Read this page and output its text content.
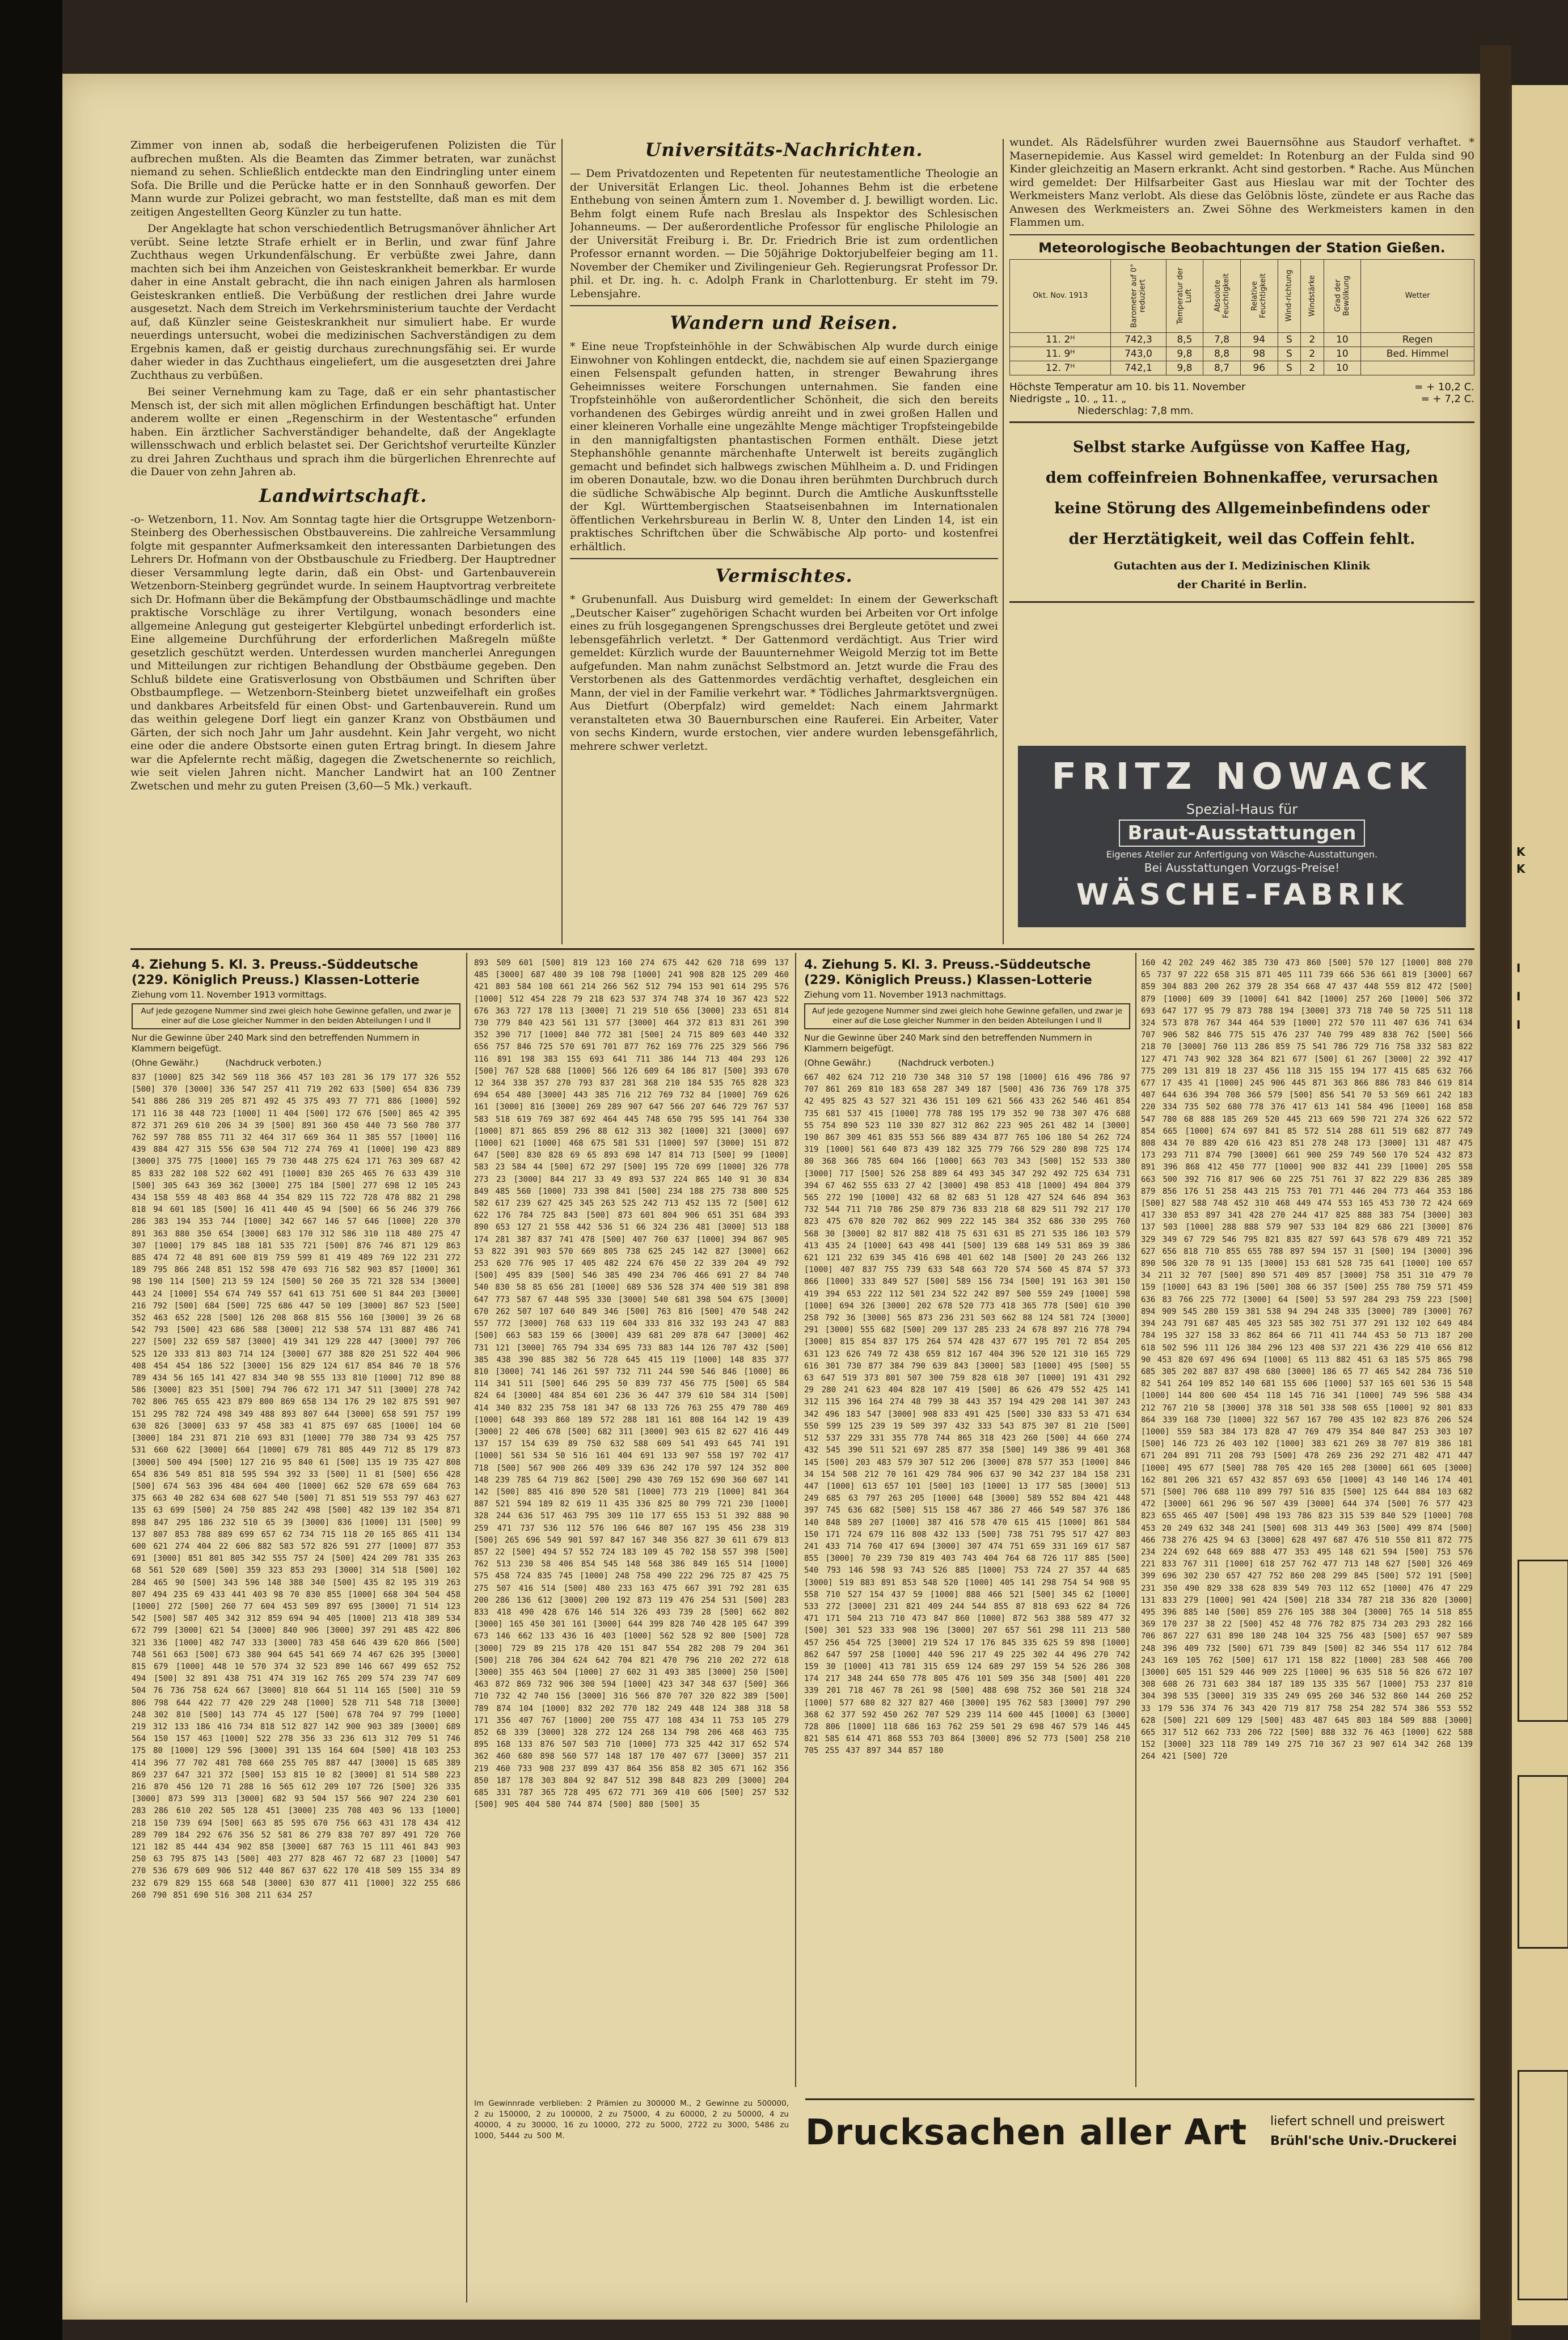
K
K
I
I
I

Zimmer von innen ab, sodaß die herbeigerufenen Polizisten die Tür aufbrechen mußten. Als die Beamten das Zimmer betraten, war zunächst niemand zu sehen. Schließlich entdeckte man den Eindringling unter einem Sofa. Die Brille und die Perücke hatte er in den Sonnhauß geworfen. Der Mann wurde zur Polizei gebracht, wo man feststellte, daß man es mit dem zeitigen Angestellten Georg Künzler zu tun hatte.

Der Angeklagte hat schon verschiedentlich Betrugsmanöver ähnlicher Art verübt. Seine letzte Strafe erhielt er in Berlin, und zwar fünf Jahre Zuchthaus wegen Urkundenfälschung. Er verbüßte zwei Jahre, dann machten sich bei ihm Anzeichen von Geisteskrankheit bemerkbar. Er wurde daher in eine Anstalt gebracht, die ihn nach einigen Jahren als harmlosen Geisteskranken entließ. Die Verbüßung der restlichen drei Jahre wurde ausgesetzt. Nach dem Streich im Verkehrsministerium tauchte der Verdacht auf, daß Künzler seine Geisteskrankheit nur simuliert habe. Er wurde neuerdings untersucht, wobei die medizinischen Sachverständigen zu dem Ergebnis kamen, daß er geistig durchaus zurechnungsfähig sei. Er wurde daher wieder in das Zuchthaus eingeliefert, um die ausgesetzten drei Jahre Zuchthaus zu verbüßen.

Bei seiner Vernehmung kam zu Tage, daß er ein sehr phantastischer Mensch ist, der sich mit allen möglichen Erfindungen beschäftigt hat. Unter anderem wollte er einen „Regenschirm in der Westentasche“ erfunden haben. Ein ärztlicher Sachverständiger behandelte, daß der Angeklagte willensschwach und erblich belastet sei. Der Gerichtshof verurteilte Künzler zu drei Jahren Zuchthaus und sprach ihm die bürgerlichen Ehrenrechte auf die Dauer von zehn Jahren ab.

Landwirtschaft.

-o- Wetzenborn, 11. Nov. Am Sonntag tagte hier die Ortsgruppe Wetzenborn-Steinberg des Oberhessischen Obstbauvereins. Die zahlreiche Versammlung folgte mit gespannter Aufmerksamkeit den interessanten Darbietungen des Lehrers Dr. Hofmann von der Obstbauschule zu Friedberg. Der Hauptredner dieser Versammlung legte darin, daß ein Obst- und Gartenbauverein Wetzenborn-Steinberg gegründet wurde. In seinem Hauptvortrag verbreitete sich Dr. Hofmann über die Bekämpfung der Obstbaumschädlinge und machte praktische Vorschläge zu ihrer Vertilgung, wonach besonders eine allgemeine Anlegung gut gesteigerter Klebgürtel unbedingt erforderlich ist. Eine allgemeine Durchführung der erforderlichen Maßregeln müßte gesetzlich geschützt werden. Unterdessen wurden mancherlei Anregungen und Mitteilungen zur richtigen Behandlung der Obstbäume gegeben. Den Schluß bildete eine Gratisverlosung von Obstbäumen und Schriften über Obstbaumpflege. — Wetzenborn-Steinberg bietet unzweifelhaft ein großes und dankbares Arbeitsfeld für einen Obst- und Gartenbauverein. Rund um das weithin gelegene Dorf liegt ein ganzer Kranz von Obstbäumen und Gärten, der sich noch Jahr um Jahr ausdehnt. Kein Jahr vergeht, wo nicht eine oder die andere Obstsorte einen guten Ertrag bringt. In diesem Jahre war die Apfelernte recht mäßig, dagegen die Zwetschenernte so reichlich, wie seit vielen Jahren nicht. Mancher Landwirt hat an 100 Zentner Zwetschen und mehr zu guten Preisen (3,60—5 Mk.) verkauft.

Universitäts-Nachrichten.

— Dem Privatdozenten und Repetenten für neutestamentliche Theologie an der Universität Erlangen Lic. theol. Johannes Behm ist die erbetene Enthebung von seinen Ämtern zum 1. November d. J. bewilligt worden. Lic. Behm folgt einem Rufe nach Breslau als Inspektor des Schlesischen Johanneums. — Der außerordentliche Professor für englische Philologie an der Universität Freiburg i. Br. Dr. Friedrich Brie ist zum ordentlichen Professor ernannt worden. — Die 50jährige Doktorjubelfeier beging am 11. November der Chemiker und Zivilingenieur Geh. Regierungsrat Professor Dr. phil. et Dr. ing. h. c. Adolph Frank in Charlottenburg. Er steht im 79. Lebensjahre.

Wandern und Reisen.

* Eine neue Tropfsteinhöhle in der Schwäbischen Alp wurde durch einige Einwohner von Kohlingen entdeckt, die, nachdem sie auf einen Spaziergange einen Felsenspalt gefunden hatten, in strenger Bewahrung ihres Geheimnisses weitere Forschungen unternahmen. Sie fanden eine Tropfsteinhöhle von außerordentlicher Schönheit, die sich den bereits vorhandenen des Gebirges würdig anreiht und in zwei großen Hallen und einer kleineren Vorhalle eine ungezählte Menge mächtiger Tropfsteingebilde in den mannigfaltigsten phantastischen Formen enthält. Diese jetzt Stephanshöhle genannte märchenhafte Unterwelt ist bereits zugänglich gemacht und befindet sich halbwegs zwischen Mühlheim a. D. und Fridingen im oberen Donautale, bzw. wo die Donau ihren berühmten Durchbruch durch die südliche Schwäbische Alp beginnt. Durch die Amtliche Auskunftsstelle der Kgl. Württembergischen Staatseisenbahnen im Internationalen öffentlichen Verkehrsbureau in Berlin W. 8, Unter den Linden 14, ist ein praktisches Schriftchen über die Schwäbische Alp porto- und kostenfrei erhältlich.

Vermischtes.

* Grubenunfall. Aus Duisburg wird gemeldet: In einem der Gewerkschaft „Deutscher Kaiser“ zugehörigen Schacht wurden bei Arbeiten vor Ort infolge eines zu früh losgegangenen Sprengschusses drei Bergleute getötet und zwei lebensgefährlich verletzt. * Der Gattenmord verdächtigt. Aus Trier wird gemeldet: Kürzlich wurde der Bauunternehmer Weigold Merzig tot im Bette aufgefunden. Man nahm zunächst Selbstmord an. Jetzt wurde die Frau des Verstorbenen als des Gattenmordes verdächtig verhaftet, desgleichen ein Mann, der viel in der Familie verkehrt war. * Tödliches Jahrmarktsvergnügen. Aus Dietfurt (Oberpfalz) wird gemeldet: Nach einem Jahrmarkt veranstalteten etwa 30 Bauernburschen eine Rauferei. Ein Arbeiter, Vater von sechs Kindern, wurde erstochen, vier andere wurden lebensgefährlich, mehrere schwer verletzt.

wundet. Als Rädelsführer wurden zwei Bauernsöhne aus Staudorf verhaftet. * Masernepidemie. Aus Kassel wird gemeldet: In Rotenburg an der Fulda sind 90 Kinder gleichzeitig an Masern erkrankt. Acht sind gestorben. * Rache. Aus München wird gemeldet: Der Hilfsarbeiter Gast aus Hieslau war mit der Tochter des Werkmeisters Manz verlobt. Als diese das Gelöbnis löste, zündete er aus Rache das Anwesen des Werkmeisters an. Zwei Söhne des Werkmeisters kamen in den Flammen um.

Meteorologische Beobachtungen der Station Gießen.
Okt. Nov. 1913	Barometer auf 0° reduziert	Temperatur der Luft	Absolute Feuchtigkeit	Relative Feuchtigkeit	Wind-richtung	Windstärke	Grad der Bewölkung	Wetter
11. 2ᴴ	742,3	8,5	7,8	94	S	2	10	Regen
11. 9ᴴ	743,0	9,8	8,8	98	S	2	10	Bed. Himmel
12. 7ᴴ	742,1	9,8	8,7	96	S	2	10	
Höchste Temperatur am 10. bis 11. November	= + 10,2 C.
Niedrigste „ 10. „ 11. „	= + 7,2 C.
Niederschlag: 7,8 mm.
Selbst starke Aufgüsse von Kaffee Hag,
dem coffeinfreien Bohnenkaffee, verursachen
keine Störung des Allgemeinbefindens oder
der Herztätigkeit, weil das Coffein fehlt.
Gutachten aus der I. Medizinischen Klinik
der Charité in Berlin.
FRITZ NOWACK
Spezial-Haus für
Braut-Ausstattungen
Eigenes Atelier zur Anfertigung von Wäsche-Ausstattungen.
Bei Ausstattungen Vorzugs-Preise!
WÄSCHE-FABRIK
4. Ziehung 5. Kl. 3. Preuss.-Süddeutsche
(229. Königlich Preuss.) Klassen-Lotterie
Ziehung vom 11. November 1913 vormittags.
Auf jede gezogene Nummer sind zwei gleich hohe Gewinne gefallen, und zwar je einer auf die Lose gleicher Nummer in den beiden Abteilungen I und II
Nur die Gewinne über 240 Mark sind den betreffenden Nummern in Klammern beigefügt.
(Ohne Gewähr.)          (Nachdruck verboten.)

837 [1000] 825 342 569 118 366 457 103 281 36 179 177 326 552 [500] 370 [3000] 336 547 257 411 719 202 633 [500] 654 836 739 541 886 286 319 205 871 492 45 375 493 77 771 886 [1000] 592 171 116 38 448 723 [1000] 11 404 [500] 172 676 [500] 865 42 395 872 371 269 610 206 34 39 [500] 891 360 450 440 73 560 780 377 762 597 788 855 711 32 464 317 669 364 11 385 557 [1000] 116 439 884 427 315 556 630 504 712 274 769 41 [1000] 190 423 889 [3000] 375 775 [1000] 165 79 730 448 275 624 171 763 309 687 42 85 833 282 108 522 602 491 [1000] 830 265 465 76 633 439 310 [500] 305 643 369 362 [3000] 275 184 [500] 277 698 12 105 243 434 158 559 48 403 868 44 354 829 115 722 728 478 882 21 298 818 94 601 185 [500] 16 411 440 45 94 [500] 66 56 246 379 766 286 383 194 353 744 [1000] 342 667 146 57 646 [1000] 220 370 891 363 880 350 654 [3000] 683 170 312 586 310 118 480 275 47 307 [1000] 179 845 188 181 535 721 [500] 876 746 871 129 863 885 474 72 48 891 600 819 759 599 81 419 489 769 122 231 272 189 795 866 248 851 152 598 470 693 716 582 903 857 [1000] 361 98 190 114 [500] 213 59 124 [500] 50 260 35 721 328 534 [3000] 443 24 [1000] 554 674 749 557 641 613 751 600 51 844 203 [3000] 216 792 [500] 684 [500] 725 686 447 50 109 [3000] 867 523 [500] 352 463 652 228 [500] 126 208 868 815 556 160 [3000] 39 26 68 542 793 [500] 423 686 588 [3000] 212 538 574 131 887 486 741 227 [500] 232 659 587 [3000] 419 341 129 228 447 [3000] 797 706 525 120 333 813 803 714 124 [3000] 677 388 820 251 522 404 906 408 454 454 186 522 [3000] 156 829 124 617 854 846 70 18 576 789 434 56 165 141 427 834 340 98 555 133 810 [1000] 712 890 88 586 [3000] 823 351 [500] 794 706 672 171 347 511 [3000] 278 742 702 806 765 655 423 879 800 869 658 134 176 29 102 875 591 907 151 295 782 724 498 349 488 893 807 644 [3000] 658 591 757 199 630 826 [3000] 633 97 458 383 41 875 697 685 [1000] 104 60 [3000] 184 231 871 210 693 831 [1000] 770 380 734 93 425 757 531 660 622 [3000] 664 [1000] 679 781 805 449 712 85 179 873 [3000] 500 494 [500] 127 216 95 840 61 [500] 135 19 735 427 808 654 836 549 851 818 595 594 392 33 [500] 11 81 [500] 656 428 [500] 674 563 396 484 604 400 [1000] 662 520 678 659 684 763 375 663 40 282 634 608 627 540 [500] 71 851 519 553 797 463 627 135 63 699 [500] 24 750 885 242 498 [500] 482 139 102 354 871 898 847 295 186 232 510 65 39 [3000] 836 [1000] 131 [500] 99 137 807 853 788 889 699 657 62 734 715 118 20 165 865 411 134 600 621 274 404 22 606 882 583 572 826 591 277 [1000] 877 353 691 [3000] 851 801 805 342 555 757 24 [500] 424 209 781 335 263 68 561 520 689 [500] 359 323 853 293 [3000] 314 518 [500] 102 284 465 90 [500] 343 596 148 388 340 [500] 435 82 195 319 263 807 494 235 69 433 441 403 98 70 830 855 [1000] 668 304 504 458 [1000] 272 [500] 260 77 604 453 509 897 695 [3000] 71 514 123 542 [500] 587 405 342 312 859 694 94 405 [1000] 213 418 389 534 672 799 [3000] 621 54 [3000] 840 906 [3000] 397 291 485 422 806 321 336 [1000] 482 747 333 [3000] 783 458 646 439 620 866 [500] 748 561 663 [500] 673 380 904 645 541 669 74 467 626 395 [3000] 815 679 [1000] 448 10 570 374 32 523 890 146 667 499 652 752 494 [500] 32 891 438 751 474 319 162 765 209 574 239 747 609 504 76 736 758 624 667 [3000] 810 664 51 114 165 [500] 310 59 806 798 644 422 77 420 229 248 [1000] 528 711 548 718 [3000] 248 302 810 [500] 143 774 45 127 [500] 678 704 97 799 [1000] 219 312 133 186 416 734 818 512 827 142 900 903 389 [3000] 689 564 150 157 463 [1000] 522 278 356 33 236 613 312 709 51 746 175 80 [1000] 129 596 [3000] 391 135 164 604 [500] 418 103 253 414 396 77 702 481 708 660 255 705 887 447 [3000] 15 685 389 869 237 647 321 372 [500] 153 815 10 82 [3000] 81 514 580 223 216 870 456 120 71 288 16 565 612 209 107 726 [500] 326 335 [3000] 873 599 313 [3000] 682 93 504 157 566 907 224 230 601 283 286 610 202 505 128 451 [3000] 235 708 403 96 133 [1000] 218 150 739 694 [500] 663 85 595 670 756 663 431 178 434 412 289 709 184 292 676 356 52 581 86 279 838 707 897 491 720 760 121 182 85 444 434 902 858 [3000] 687 763 15 111 461 843 903 250 63 795 875 143 [500] 403 277 828 467 72 687 23 [1000] 547 270 536 679 609 906 512 440 867 637 622 170 418 509 155 334 89 232 679 829 155 668 548 [3000] 630 877 411 [1000] 322 255 686 260 790 851 690 516 308 211 634 257

893 509 601 [500] 819 123 160 274 675 442 620 718 699 137 485 [3000] 687 480 39 108 798 [1000] 241 908 828 125 209 460 421 803 584 108 661 214 266 562 512 794 153 901 614 295 576 [1000] 512 454 228 79 218 623 537 374 748 374 10 367 423 522 676 363 727 178 113 [3000] 71 219 510 656 [3000] 233 651 814 730 779 840 423 561 131 577 [3000] 464 372 813 831 261 390 352 390 717 [1000] 840 772 381 [500] 24 715 809 603 440 332 656 757 846 725 570 691 701 877 762 169 776 225 329 566 796 116 891 198 383 155 693 641 711 386 144 713 404 293 126 [500] 767 528 688 [1000] 566 126 609 64 186 817 [500] 393 670 12 364 338 357 270 793 837 281 368 210 184 535 765 828 323 694 654 480 [3000] 443 385 716 212 769 732 84 [1000] 769 626 161 [3000] 816 [3000] 269 289 907 647 566 207 646 729 767 537 583 518 619 769 387 692 464 445 748 650 795 595 141 764 330 [1000] 871 865 859 296 88 612 313 302 [1000] 321 [3000] 697 [1000] 621 [1000] 468 675 581 531 [1000] 597 [3000] 151 872 647 [500] 830 828 69 65 893 698 147 814 713 [500] 99 [1000] 583 23 584 44 [500] 672 297 [500] 195 720 699 [1000] 326 778 273 23 [3000] 844 217 33 49 893 537 224 865 140 91 30 834 849 485 560 [1000] 733 398 841 [500] 234 188 275 738 800 525 582 617 239 627 425 345 263 525 242 713 452 135 72 [500] 612 622 176 784 725 843 [500] 873 601 804 906 651 351 684 393 890 653 127 21 558 442 536 51 66 324 236 481 [3000] 513 188 174 281 387 837 741 478 [500] 407 760 637 [1000] 394 867 905 53 822 391 903 570 669 805 738 625 245 142 827 [3000] 662 253 620 776 905 17 405 482 224 676 450 22 339 204 49 792 [500] 495 839 [500] 546 385 490 234 706 466 691 27 84 740 540 830 58 85 656 281 [1000] 689 536 528 374 400 519 381 898 647 773 587 67 448 595 330 [3000] 540 681 398 504 675 [3000] 670 262 507 107 640 849 346 [500] 763 816 [500] 470 548 242 557 772 [3000] 768 633 119 604 333 816 332 193 243 47 883 [500] 663 583 159 66 [3000] 439 681 209 878 647 [3000] 462 731 121 [3000] 765 794 334 695 733 883 144 126 707 432 [500] 385 438 390 885 382 56 728 645 415 119 [1000] 148 835 377 810 [3000] 741 146 261 597 732 711 244 590 546 846 [1000] 86 114 341 511 [500] 646 295 50 839 737 456 775 [500] 65 584 824 64 [3000] 484 854 601 236 36 447 379 610 584 314 [500] 414 340 832 235 758 181 347 68 133 726 763 255 479 780 469 [1000] 648 393 860 189 572 288 181 161 808 164 142 19 439 [3000] 22 406 678 [500] 682 311 [3000] 903 615 82 627 416 449 137 157 154 639 89 750 632 588 609 541 493 645 741 191 [1000] 561 534 50 516 161 404 691 133 907 558 197 702 417 718 [500] 567 900 266 409 339 636 242 170 597 124 352 800 148 239 785 64 719 862 [500] 290 430 769 152 690 360 607 141 142 [500] 885 416 890 520 581 [1000] 773 219 [1000] 841 364 887 521 594 189 82 619 11 435 336 825 80 799 721 230 [1000] 328 244 636 517 463 795 309 110 177 655 153 51 392 888 90 259 471 737 536 112 576 106 646 807 167 195 456 238 319 [500] 265 696 549 901 597 847 167 340 356 827 30 611 679 813 857 22 [500] 494 57 552 724 183 109 45 702 158 557 398 [500] 762 513 230 58 406 854 545 148 568 386 849 165 514 [1000] 575 458 724 835 745 [1000] 248 758 490 222 296 725 87 425 75 275 507 416 514 [500] 480 233 163 475 667 391 792 281 635 200 286 136 612 [3000] 200 192 873 119 476 254 531 [500] 283 833 418 490 428 676 146 514 326 493 739 28 [500] 662 802 [3000] 165 450 301 161 [3000] 644 399 828 740 428 105 647 399 673 146 662 133 436 16 403 [1000] 562 528 92 800 [500] 728 [3000] 729 89 215 178 420 151 847 554 282 208 79 204 361 [500] 218 706 304 624 642 704 821 470 796 210 202 272 618 [3000] 355 463 504 [1000] 27 602 31 493 385 [3000] 250 [500] 463 872 869 732 906 300 594 [1000] 423 347 348 637 [500] 366 710 732 42 740 156 [3000] 316 566 870 707 320 822 389 [500] 789 874 104 [1000] 832 202 770 182 249 448 124 388 318 58 171 356 407 767 [1000] 200 755 477 108 434 11 753 105 279 852 68 339 [3000] 328 272 124 268 134 798 206 468 463 735 895 168 133 876 507 503 710 [1000] 773 325 442 317 652 574 362 460 680 898 560 577 148 187 170 407 677 [3000] 357 211 219 460 733 908 237 899 437 864 356 858 82 305 671 162 356 850 187 178 303 804 92 847 512 398 848 823 209 [3000] 204 685 331 787 365 728 495 672 771 369 410 606 [500] 257 532 [500] 905 404 580 744 874 [500] 880 [500] 35

Im Gewinnrade verblieben: 2 Prämien zu 300000 M., 2 Gewinne zu 500000, 2 zu 150000, 2 zu 100000, 2 zu 75000, 4 zu 60000, 2 zu 50000, 4 zu 40000, 4 zu 30000, 16 zu 10000, 272 zu 5000, 2722 zu 3000, 5486 zu 1000, 5444 zu 500 M.

4. Ziehung 5. Kl. 3. Preuss.-Süddeutsche
(229. Königlich Preuss.) Klassen-Lotterie
Ziehung vom 11. November 1913 nachmittags.
Auf jede gezogene Nummer sind zwei gleich hohe Gewinne gefallen, und zwar je einer auf die Lose gleicher Nummer in den beiden Abteilungen I und II
Nur die Gewinne über 240 Mark sind den betreffenden Nummern in Klammern beigefügt.
(Ohne Gewähr.)          (Nachdruck verboten.)

667 402 624 712 210 730 348 310 57 198 [1000] 616 496 786 97 707 861 269 810 183 658 287 349 187 [500] 436 736 769 178 375 42 495 825 43 527 321 436 151 109 621 566 433 262 546 461 854 735 681 537 415 [1000] 778 788 195 179 352 90 738 307 476 688 55 754 890 523 110 330 827 312 862 223 905 261 482 14 [3000] 190 867 309 461 835 553 566 889 434 877 765 106 180 54 262 724 319 [1000] 561 640 873 439 182 325 779 766 529 280 898 725 174 80 368 366 785 604 166 [1000] 663 703 343 [500] 152 533 380 [3000] 717 [500] 526 258 889 64 493 345 347 292 492 725 634 731 394 67 462 555 633 27 42 [3000] 498 853 418 [1000] 494 804 379 565 272 190 [1000] 432 68 82 683 51 128 427 524 646 894 363 732 544 711 710 786 250 879 736 833 218 68 829 511 792 217 170 823 475 670 820 702 862 909 222 145 384 352 686 330 295 760 568 30 [3000] 82 817 882 418 75 631 631 85 271 535 186 103 579 413 435 24 [1000] 643 498 441 [500] 139 688 149 531 869 39 386 621 121 232 639 345 416 698 401 602 148 [500] 20 243 266 132 [1000] 407 837 755 739 633 548 663 720 574 560 45 874 57 373 866 [1000] 333 849 527 [500] 589 156 734 [500] 191 163 301 150 419 394 653 222 112 501 234 522 242 897 500 559 249 [1000] 598 [1000] 694 326 [3000] 202 678 520 773 418 365 778 [500] 610 390 258 792 36 [3000] 565 873 236 231 503 662 88 124 581 724 [3000] 291 [3000] 555 682 [500] 209 137 285 233 24 678 897 216 778 794 [3000] 815 854 837 175 264 574 428 437 677 195 701 72 854 205 631 123 626 749 72 438 659 812 167 404 396 520 121 310 165 729 616 301 730 877 384 790 639 843 [3000] 583 [1000] 495 [500] 55 63 647 519 373 801 507 300 759 828 618 307 [1000] 191 431 292 29 280 241 623 404 828 107 419 [500] 86 626 479 552 425 141 312 115 396 164 274 48 799 38 443 357 194 429 208 141 307 243 342 496 183 547 [3000] 908 833 491 425 [500] 330 833 53 471 634 550 599 125 239 19 509 397 432 333 543 875 307 81 210 [500] 512 537 229 331 355 778 744 865 318 423 260 [500] 44 660 274 432 545 390 511 521 697 285 877 358 [500] 149 386 99 401 368 145 [500] 203 483 579 307 512 206 [3000] 878 577 353 [1000] 846 34 154 508 212 70 161 429 784 906 637 90 342 237 184 158 231 447 [1000] 613 657 101 [500] 103 [1000] 13 177 585 [3000] 513 249 685 63 797 263 205 [1000] 648 [3000] 589 552 804 421 448 397 745 636 682 [500] 515 158 467 386 27 466 549 587 376 186 140 848 589 207 [1000] 387 416 578 470 615 415 [1000] 861 584 150 171 724 679 116 808 432 133 [500] 738 751 795 517 427 803 241 433 714 760 417 694 [3000] 307 474 751 659 331 169 617 587 855 [3000] 70 239 730 819 403 743 404 764 68 726 117 885 [500] 540 793 146 598 93 743 526 885 [1000] 753 724 27 357 44 685 [3000] 519 883 891 853 548 520 [1000] 405 141 298 754 54 908 95 558 710 527 154 437 59 [1000] 888 466 521 [500] 345 62 [1000] 533 272 [3000] 231 821 409 244 544 855 87 818 693 622 84 726 471 171 504 213 710 473 847 860 [1000] 872 563 388 589 477 32 [500] 301 523 333 908 196 [3000] 207 657 561 298 111 213 580 457 256 454 725 [3000] 219 524 17 176 845 335 625 59 898 [1000] 862 647 597 258 [1000] 440 596 217 49 225 302 44 496 270 742 159 30 [1000] 413 781 315 659 124 689 297 159 54 526 286 308 174 217 348 244 650 778 805 476 101 509 356 348 [500] 401 220 339 201 718 467 78 261 98 [500] 488 698 752 360 501 218 324 [1000] 577 680 82 327 827 460 [3000] 195 762 583 [3000] 797 290 368 62 377 592 450 262 707 529 239 114 600 445 [1000] 63 [3000] 728 806 [1000] 118 686 163 762 259 501 29 698 467 579 146 445 821 585 614 471 868 553 703 864 [3000] 896 52 773 [500] 258 210 705 255 437 897 344 857 180

160 42 202 249 462 385 730 473 860 [500] 570 127 [1000] 808 270 65 737 97 222 658 315 871 405 111 739 666 536 661 819 [3000] 667 859 304 883 200 262 379 28 354 668 47 437 448 559 812 472 [500] 879 [1000] 609 39 [1000] 641 842 [1000] 257 260 [1000] 506 372 693 647 177 95 79 873 788 194 [3000] 373 718 740 50 725 511 118 324 573 878 767 344 464 539 [1000] 272 570 111 407 636 741 634 707 906 582 846 775 515 476 237 740 799 489 838 762 [500] 566 218 70 [3000] 760 113 286 859 75 541 786 729 716 758 332 583 822 127 471 743 902 328 364 821 677 [500] 61 267 [3000] 22 392 417 775 209 131 819 18 237 456 118 315 155 194 177 415 685 632 766 677 17 435 41 [1000] 245 906 445 871 363 866 886 783 846 619 814 407 644 636 394 708 366 579 [500] 856 541 70 53 569 661 242 183 220 334 735 502 680 778 376 417 613 141 584 496 [1000] 168 858 547 780 68 888 185 269 520 445 213 669 590 721 274 326 622 572 854 665 [1000] 674 697 841 85 572 514 288 611 519 682 877 749 808 434 70 889 420 616 423 851 278 248 173 [3000] 131 487 475 173 293 711 874 790 [3000] 661 900 259 749 560 170 524 432 873 891 396 868 412 450 777 [1000] 900 832 441 239 [1000] 205 558 663 500 392 716 817 906 60 225 751 761 37 822 229 836 285 389 879 856 176 51 258 443 215 753 701 771 446 204 773 464 353 186 [500] 827 588 748 452 310 468 449 474 553 165 453 730 72 424 669 417 330 853 897 341 428 270 244 417 825 888 383 754 [3000] 303 137 503 [1000] 288 888 579 907 533 104 829 686 221 [3000] 876 329 349 67 729 546 795 821 835 827 597 643 578 679 489 721 352 627 656 818 710 855 655 788 897 594 157 31 [500] 194 [3000] 396 890 506 320 78 91 135 [3000] 153 681 528 735 641 [1000] 100 657 34 211 32 707 [500] 890 571 409 857 [3000] 758 351 310 479 70 159 [1000] 643 83 196 [500] 308 66 357 [500] 255 780 759 571 459 636 83 766 225 772 [3000] 64 [500] 53 597 284 293 759 223 [500] 894 909 545 280 159 381 538 94 294 248 335 [3000] 789 [3000] 767 394 243 791 687 485 405 323 585 302 751 377 291 132 102 649 484 784 195 327 158 33 862 864 66 711 411 744 453 50 713 187 200 618 502 596 111 126 384 296 123 408 537 221 436 229 410 656 812 90 453 820 697 496 694 [1000] 65 113 882 451 63 185 575 865 798 685 305 202 887 837 498 680 [3000] 186 65 77 465 542 284 736 510 82 541 264 109 852 140 681 155 606 [1000] 537 165 601 536 15 548 [1000] 144 800 600 454 118 145 716 341 [1000] 749 596 588 434 212 767 210 58 [3000] 378 318 501 338 508 655 [1000] 92 801 833 864 339 168 730 [1000] 322 567 167 700 435 102 823 876 206 524 [1000] 559 583 384 173 828 47 769 479 354 840 847 253 303 107 [500] 146 723 26 403 102 [1000] 383 621 269 38 707 819 386 181 671 204 891 711 208 793 [500] 478 269 236 292 271 482 471 447 [1000] 495 677 [500] 788 705 420 165 208 [3000] 661 605 [3000] 162 801 206 321 657 432 857 693 650 [1000] 43 140 146 174 401 571 [500] 706 688 110 899 797 516 835 [500] 125 644 884 103 682 472 [3000] 661 296 96 507 439 [3000] 644 374 [500] 76 577 423 823 655 465 407 [500] 498 193 786 823 315 539 840 529 [1000] 708 453 20 249 632 348 241 [500] 608 313 449 363 [500] 499 874 [500] 466 738 276 425 94 63 [3000] 628 497 687 476 510 550 811 872 775 234 224 692 648 669 888 477 353 495 148 621 594 [500] 753 576 221 833 767 311 [1000] 618 257 762 477 713 148 627 [500] 326 469 399 696 302 230 657 427 752 860 208 299 845 [500] 572 191 [500] 231 350 490 829 338 628 839 549 703 112 652 [1000] 476 47 229 131 833 279 [1000] 901 424 [500] 218 334 787 218 336 820 [3000] 495 396 885 140 [500] 859 276 105 388 304 [3000] 765 14 518 855 369 170 237 38 22 [500] 452 48 776 782 875 734 203 293 282 166 706 867 227 631 890 180 248 104 325 756 483 [500] 657 907 589 248 396 409 732 [500] 671 739 849 [500] 82 346 554 117 612 784 243 169 105 762 [500] 617 171 158 822 [1000] 283 508 466 700 [3000] 605 151 529 446 909 225 [1000] 96 635 518 56 826 672 107 308 608 26 731 603 384 187 189 135 335 567 [1000] 753 237 810 304 398 535 [3000] 319 335 249 695 260 346 532 860 144 260 252 33 179 536 374 76 343 420 719 817 758 254 282 574 386 553 552 628 [500] 221 609 129 [500] 483 487 645 803 184 509 888 [3000] 665 317 512 662 733 206 722 [500] 888 332 76 463 [1000] 622 588 152 [3000] 323 118 789 149 275 710 367 23 907 614 342 268 139 264 421 [500] 720

Drucksachen aller Art liefert schnell und preiswert
Brühl'sche Univ.-Druckerei
